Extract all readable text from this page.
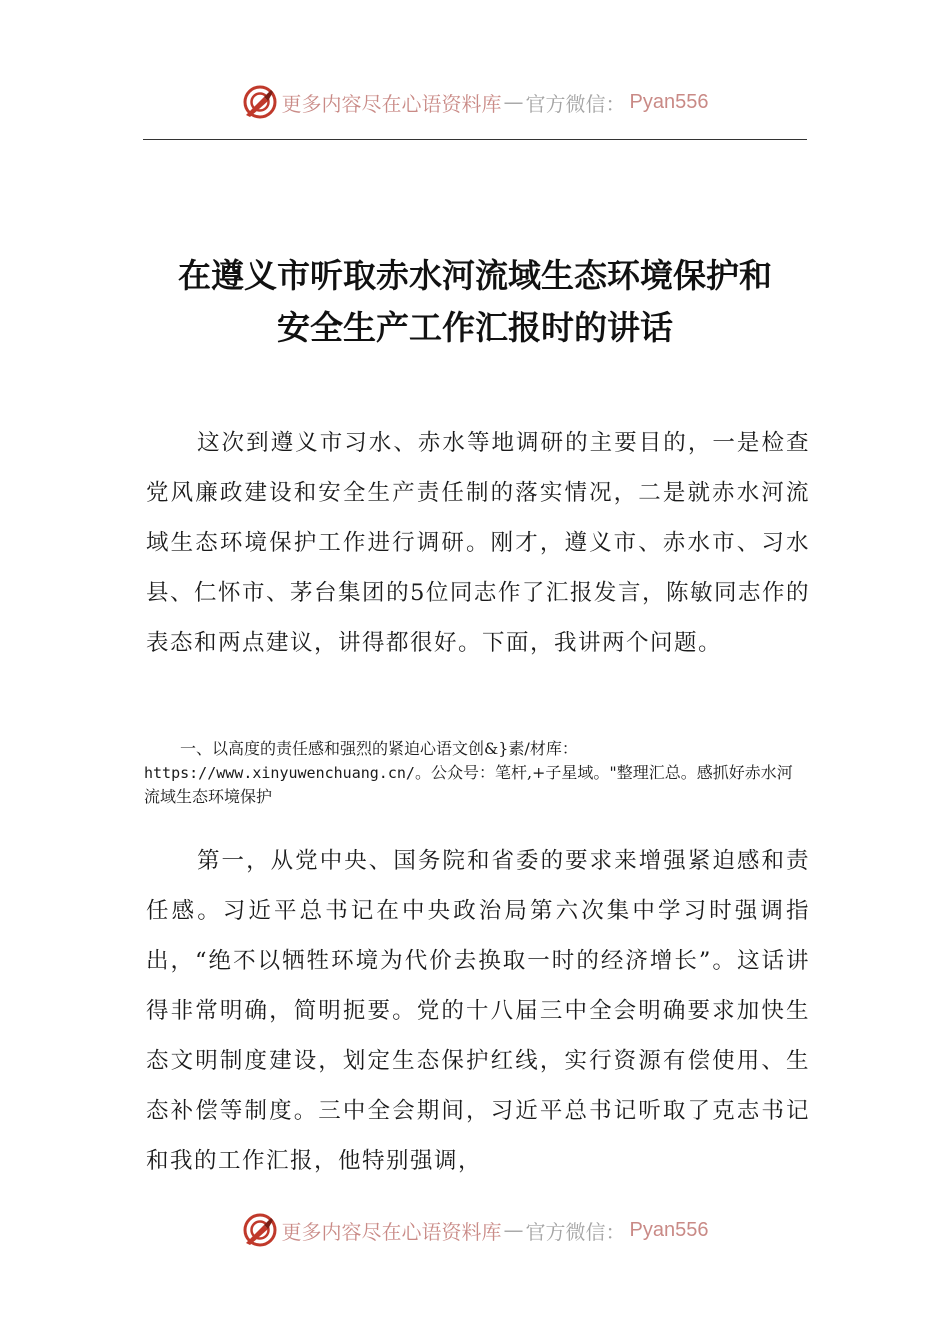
更多内容尽在心语资料库 — 官方微信： Pyan556
在遵义市听取赤水河流域生态环境保护和
安全生产工作汇报时的讲话

这次到遵义市习水、赤水等地调研的主要目的，一是检查党风廉政建设和安全生产责任制的落实情况，二是就赤水河流域生态环境保护工作进行调研。刚才，遵义市、赤水市、习水县、仁怀市、茅台集团的5位同志作了汇报发言，陈敏同志作的表态和两点建议，讲得都很好。下面，我讲两个问题。

一、以高度的责任感和强烈的紧迫心语文创&}素/材库：
https://www.xinyuwenchuang.cn/。公众号：笔杆,+子星域。"整理汇总。感抓好赤水河流域生态环境保护

第一，从党中央、国务院和省委的要求来增强紧迫感和责任感。习近平总书记在中央政治局第六次集中学习时强调指出，“绝不以牺牲环境为代价去换取一时的经济增长”。这话讲得非常明确，简明扼要。党的十八届三中全会明确要求加快生态文明制度建设，划定生态保护红线，实行资源有偿使用、生态补偿等制度。三中全会期间，习近平总书记听取了克志书记和我的工作汇报，他特别强调，

更多内容尽在心语资料库 — 官方微信： Pyan556
